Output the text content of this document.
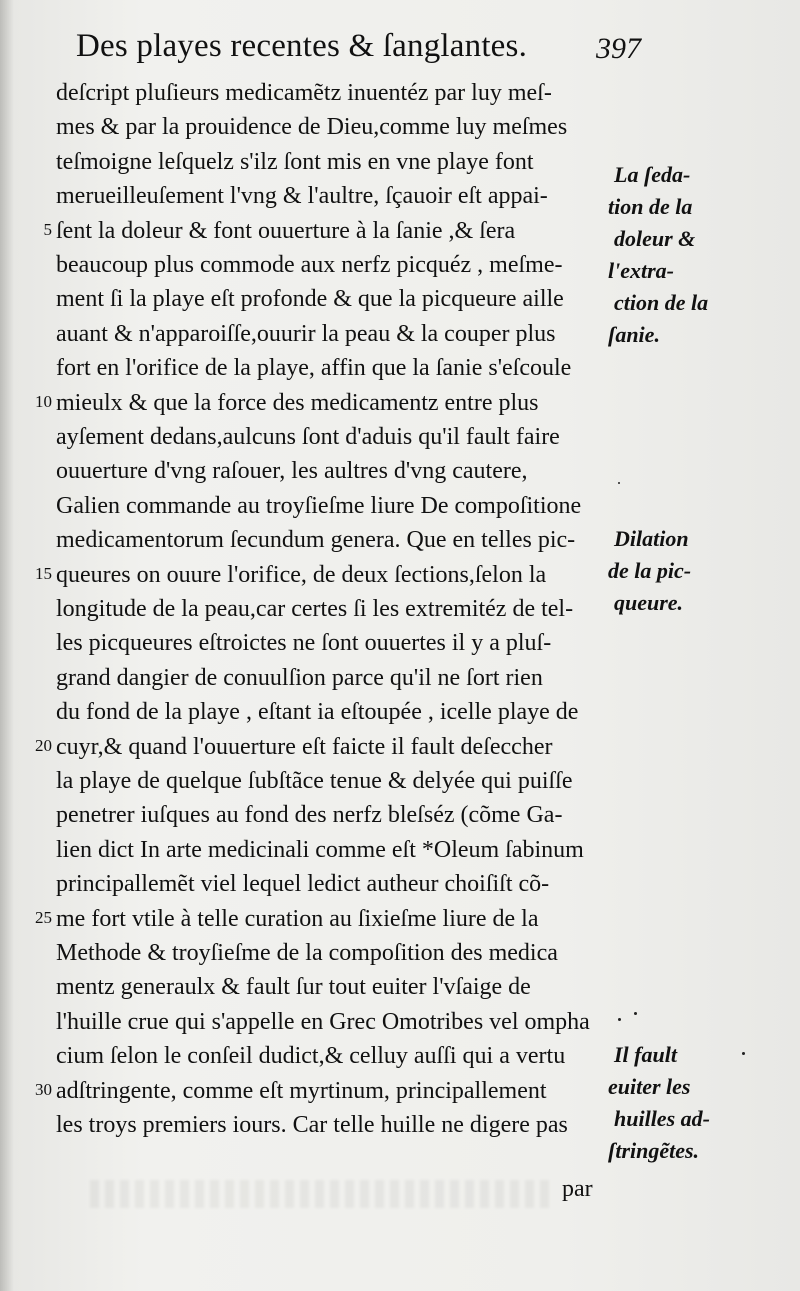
Des playes recentes & ſanglantes. 397
deſcript pluſieurs medicamẽtz inuentéz par luy meſ-
mes & par la prouidence de Dieu,comme luy meſmes
teſmoigne leſquelz s'ilz ſont mis en vne playe font
merueilleuſement l'vng & l'aultre, ſçauoir eſt appai-
5 ſent la doleur & font ouuerture à la ſanie ,& ſera
beaucoup plus commode aux nerfz picquéz , meſme-
ment ſi la playe eſt profonde & que la picqueure aille
auant & n'apparoiſſe,ouurir la peau & la couper plus
fort en l'orifice de la playe, affin que la ſanie s'eſcoule
10 mieulx & que la force des medicamentz entre plus
ayſement dedans,aulcuns ſont d'aduis qu'il fault faire
ouuerture d'vng raſouer, les aultres d'vng cautere,
Galien commande au troyſieſme liure De compoſitione
medicamentorum ſecundum genera. Que en telles pic-
15 queures on ouure l'orifice, de deux ſections,ſelon la
longitude de la peau,car certes ſi les extremitéz de tel-
les picqueures eſtroictes ne ſont ouuertes il y a pluſ-
grand dangier de conuulſion parce qu'il ne ſort rien
du fond de la playe , eſtant ia eſtoupée , icelle playe de
20 cuyr,& quand l'ouuerture eſt faicte il fault deſeccher
la playe de quelque ſubſtãce tenue & delyée qui puiſſe
penetrer iuſques au fond des nerfz bleſséz (cõme Ga-
lien dict In arte medicinali comme eſt *Oleum ſabinum
principallemẽt viel lequel ledict autheur choiſiſt cõ-
25 me fort vtile à telle curation au ſixieſme liure de la
Methode & troyſieſme de la compoſition des medica
mentz generaulx & fault ſur tout euiter l'vſaige de
l'huille crue qui s'appelle en Grec Omotribes vel ompha
cium ſelon le conſeil dudict,& celluy auſſi qui a vertu
30 adſtringente, comme eſt myrtinum, principallement
les troys premiers iours. Car telle huille ne digere pas
La ſeda-
tion de la
doleur &
l'extra-
ction de la
ſanie.
Dilation
de la pic-
queure.
Il fault
euiter les
huilles ad-
ſtringẽtes.
par
